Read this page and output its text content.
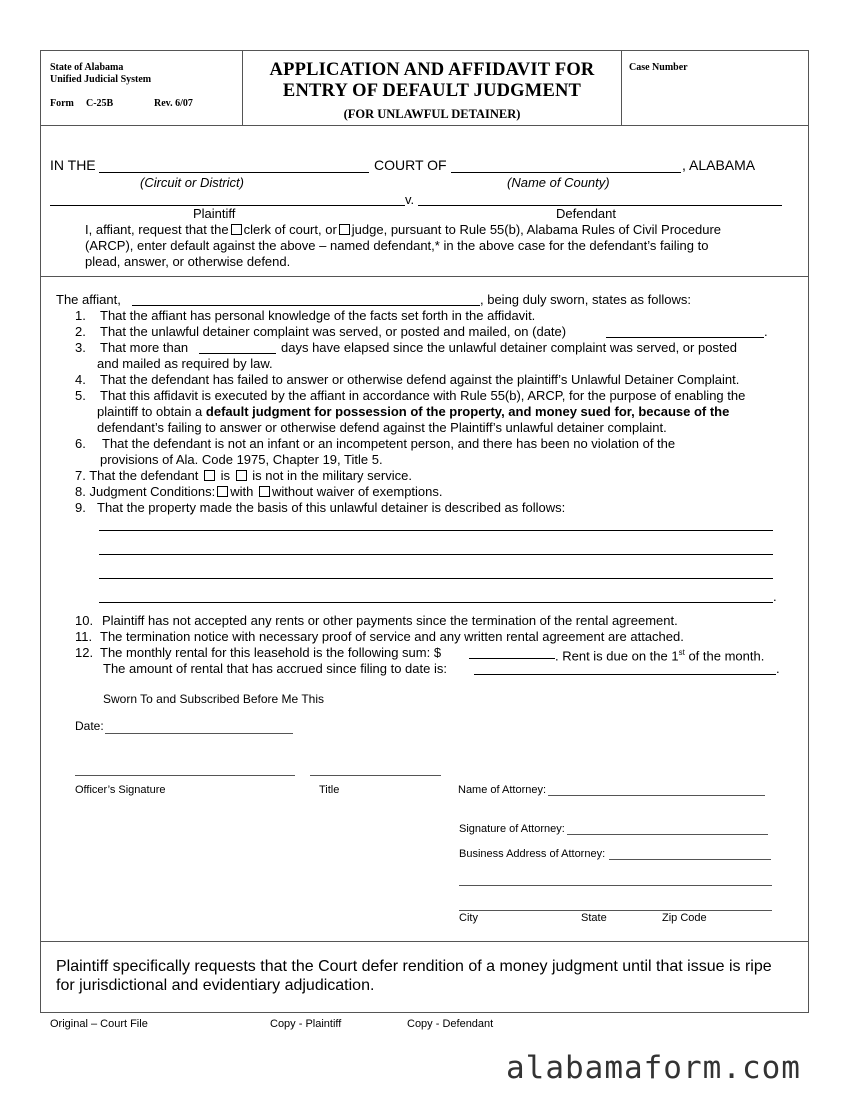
State of Alabama
Unified Judicial System
Form C-25B	Rev. 6/07
APPLICATION AND AFFIDAVIT FOR
ENTRY OF DEFAULT JUDGMENT
(FOR UNLAWFUL DETAINER)
Case Number
IN THE	COURT OF	, ALABAMA
(Circuit or District)	(Name of County)
v.
Plaintiff	Defendant
I, affiant, request that the clerk of court, or judge, pursuant to Rule 55(b), Alabama Rules of Civil Procedure
(ARCP), enter default against the above – named defendant,* in the above case for the defendant’s failing to
plead, answer, or otherwise defend.
The affiant,	, being duly sworn, states as follows:
1. That the affiant has personal knowledge of the facts set forth in the affidavit.
2. That the unlawful detainer complaint was served, or posted and mailed, on (date)	.
3. That more than	days have elapsed since the unlawful detainer complaint was served, or posted
and mailed as required by law.
4. That the defendant has failed to answer or otherwise defend against the plaintiff’s Unlawful Detainer Complaint.
5. That this affidavit is executed by the affiant in accordance with Rule 55(b), ARCP, for the purpose of enabling the
plaintiff to obtain a default judgment for possession of the property, and money sued for, because of the
defendant’s failing to answer or otherwise defend against the Plaintiff’s unlawful detainer complaint.
6. That the defendant is not an infant or an incompetent person, and there has been no violation of the
provisions of Ala. Code 1975, Chapter 19, Title 5.
7. That the defendant is is not in the military service.
8. Judgment Conditions: with without waiver of exemptions.
9. That the property made the basis of this unlawful detainer is described as follows:
.
10. Plaintiff has not accepted any rents or other payments since the termination of the rental agreement.
11. The termination notice with necessary proof of service and any written rental agreement are attached.
12. The monthly rental for this leasehold is the following sum: $	. Rent is due on the 1st of the month.
The amount of rental that has accrued since filing to date is:	.
Sworn To and Subscribed Before Me This
Date:
Officer’s Signature	Title	Name of Attorney:
Signature of Attorney:
Business Address of Attorney:
City	State	Zip Code
Plaintiff specifically requests that the Court defer rendition of a money judgment until that issue is ripe
for jurisdictional and evidentiary adjudication.
Original – Court File	Copy - Plaintiff	Copy - Defendant
alabamaform.com
